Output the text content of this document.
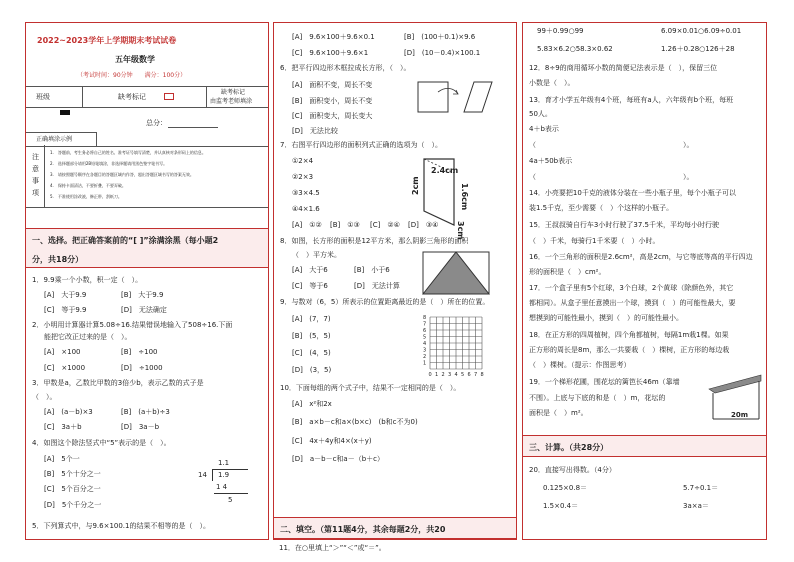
2022~2023学年上学期期末考试试卷
五年级数学
（考试时间：90分钟　　满分：100分）
班级	缺考标记
缺考标记
由监考老师填涂
总分：
正确填涂示例
注
意
事
项
1.　答题前，考生务必将自己的姓名、准考证号填写清楚，并认真核对条形码上的信息。
2.　选择题部分请用2B铅笔填涂，非选择题请用黑色签字笔书写。
3.　请按照题号顺序在各题目的答题区域内作答，超出答题区域书写的答案无效。
4.　保持卡面清洁，不要折叠，不要弄破。
5.　不准使用涂改液、修正带、刮纸刀。
一、选择。把正确答案前的“[ ]”涂满涂黑（每小题2
分，共18分）
1．9.9乘一个小数，积一定（　）。
[A]　大于9.9	[B]　大于9.9
[C]　等于9.9	[D]　无法确定
2．小明用计算器计算5.08÷16.结果错误地输入了508÷16.下面
能把它改正过来的是（　）。
[A]　×100	[B]　÷100
[C]　×1000	[D]　÷1000
3．甲数是a，乙数比甲数的3倍少b，表示乙数的式子是
（　）。
[A]　(a－b)×3	[B]　(a＋b)÷3
[C]　3a＋b	[D]　3a－b
4．如图这个除法竖式中“5”表示的是（　）。
[A]　5个一
[B]　5个十分之一
[C]　5个百分之一
[D]　5个千分之一
1.1
14 1.9
1 4
5
5．下列算式中，与9.6×100.1的结果不相等的是（　）。
[A]　9.6×100＋9.6×0.1	[B]　(100＋0.1)×9.6
[C]　9.6×100＋9.6×1	[D]　(10－0.4)×100.1
6．把平行四边形木框拉成长方形，（　）。
[A]　面积不变，周长不变
[B]　面积变小，周长不变
[C]　面积变大，周长变大
[D]　无法比较
7．右图平行四边形的面积列式正确的选项为（　）。
①2×4
②2×3
③3×4.5
④4×1.6
2.4cm
1.6cm
2cm
3cm
[A]　①② [B]　①③ [C]　②④ [D]　③④
8．如图，长方形的面积是12平方米，那么阴影三角形的面积
（　）平方米。
[A]　大于6	[B]　小于6
[C]　等于6	[D]　无法计算
9．与数对（6，5）所表示的位置距离最近的是（　）所在的位置。
[A]　(7，7)
[B]　(5，5)
[C]　(4，5)
[D]　(3，5)
0 1
1
2
2
3
3
4
4
5
5
6
6
7
7
8
8
10．下面每组的两个式子中，结果不一定相同的是（　）。
[A]　x²和2x
[B]　a×b－c和a×(b×c)　(b和c不为0)
[C]　4x＋4y和4×(x＋y)
[D]　a－b－c和a－（b＋c）
二、填空。（第11题4分，其余每题2分，共20
11．在○里填上“＞”“＜”或“＝”。
99＋0.99○99	6.09×0.01○6.09÷0.01
5.83×6.2○58.3×0.62	1.26＋0.28○126＋28
12．8÷9的商用循环小数的简便记法表示是（　），保留三位
小数是（　）。
13．育才小学五年级有4个班，每班有a人，六年级有b个班，每班
50人。
4＋b表示
（　　　　　　　　　　　　　　　　　　　　　）。
4a＋50b表示
（　　　　　　　　　　　　　　　　　　　　　）。
14．小亮要把10千克的液体分装在一些小瓶子里，每个小瓶子可以
装1.5千克，至少需要（　）个这样的小瓶子。
15．王叔叔骑自行车3小时行驶了37.5千米，平均每小时行驶
（　）千米，每骑行1千米要（　）小时。
16．一个三角形的面积是2.6cm²，高是2cm，与它等底等高的平行四边
形的面积是（　）cm²。
17．一个盒子里有5个红球，3个白球，2个黄球（除颜色外，其它
都相同）。从盒子里任意摸出一个球，摸到（　）的可能性最大，要
想摸到的可能性最小，摸到（　）的可能性最小。
18．在正方形的四周植树，四个角都植树，每隔1m栽1棵。如果
正方形的周长是8m，那么一共要栽（　）棵树，正方形的每边栽
（　）棵树。（提示：作图思考）
19．一个梯形花圃，围花坛的篱笆长46m（靠墙
不围）。上底与下底的和是（　）m，花坛的
面积是（　）m²。	20m
三、计算。（共28分）
20．直接写出得数。（4分）
0.125×0.8＝	5.7÷0.1＝
1.5×0.4＝	3a×a＝
